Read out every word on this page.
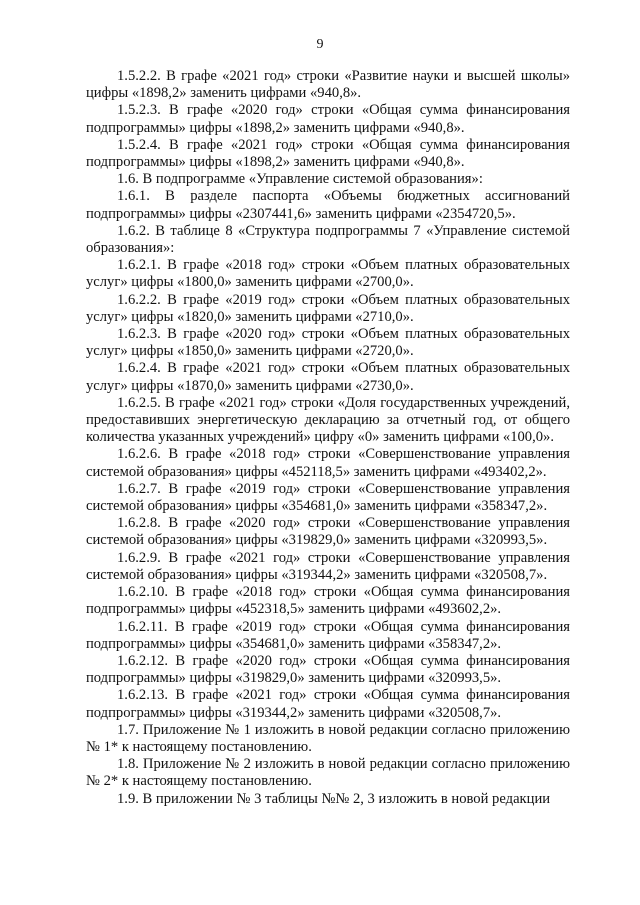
9

1.5.2.2. В графе «2021 год» строки «Развитие науки и высшей школы» цифры «1898,2» заменить цифрами «940,8».

1.5.2.3. В графе «2020 год» строки «Общая сумма финансирования подпрограммы» цифры «1898,2» заменить цифрами «940,8».

1.5.2.4. В графе «2021 год» строки «Общая сумма финансирования подпрограммы» цифры «1898,2» заменить цифрами «940,8».

1.6. В подпрограмме «Управление системой образования»:

1.6.1. В разделе паспорта «Объемы бюджетных ассигнований подпрограммы» цифры «2307441,6» заменить цифрами «2354720,5».

1.6.2. В таблице 8 «Структура подпрограммы 7 «Управление системой образования»:

1.6.2.1. В графе «2018 год» строки «Объем платных образовательных услуг» цифры «1800,0» заменить цифрами «2700,0».

1.6.2.2. В графе «2019 год» строки «Объем платных образовательных услуг» цифры «1820,0» заменить цифрами «2710,0».

1.6.2.3. В графе «2020 год» строки «Объем платных образовательных услуг» цифры «1850,0» заменить цифрами «2720,0».

1.6.2.4. В графе «2021 год» строки «Объем платных образовательных услуг» цифры «1870,0» заменить цифрами «2730,0».

1.6.2.5. В графе «2021 год» строки «Доля государственных учреждений, предоставивших энергетическую декларацию за отчетный год, от общего количества указанных учреждений» цифру «0» заменить цифрами «100,0».

1.6.2.6. В графе «2018 год» строки «Совершенствование управления системой образования» цифры «452118,5» заменить цифрами «493402,2».

1.6.2.7. В графе «2019 год» строки «Совершенствование управления системой образования» цифры «354681,0» заменить цифрами «358347,2».

1.6.2.8. В графе «2020 год» строки «Совершенствование управления системой образования» цифры «319829,0» заменить цифрами «320993,5».

1.6.2.9. В графе «2021 год» строки «Совершенствование управления системой образования» цифры «319344,2» заменить цифрами «320508,7».

1.6.2.10. В графе «2018 год» строки «Общая сумма финансирования подпрограммы» цифры «452318,5» заменить цифрами «493602,2».

1.6.2.11. В графе «2019 год» строки «Общая сумма финансирования подпрограммы» цифры «354681,0» заменить цифрами «358347,2».

1.6.2.12. В графе «2020 год» строки «Общая сумма финансирования подпрограммы» цифры «319829,0» заменить цифрами «320993,5».

1.6.2.13. В графе «2021 год» строки «Общая сумма финансирования подпрограммы» цифры «319344,2» заменить цифрами «320508,7».

1.7. Приложение № 1 изложить в новой редакции согласно приложению № 1* к настоящему постановлению.

1.8. Приложение № 2 изложить в новой редакции согласно приложению № 2* к настоящему постановлению.

1.9. В приложении № 3 таблицы №№ 2, 3 изложить в новой редакции
